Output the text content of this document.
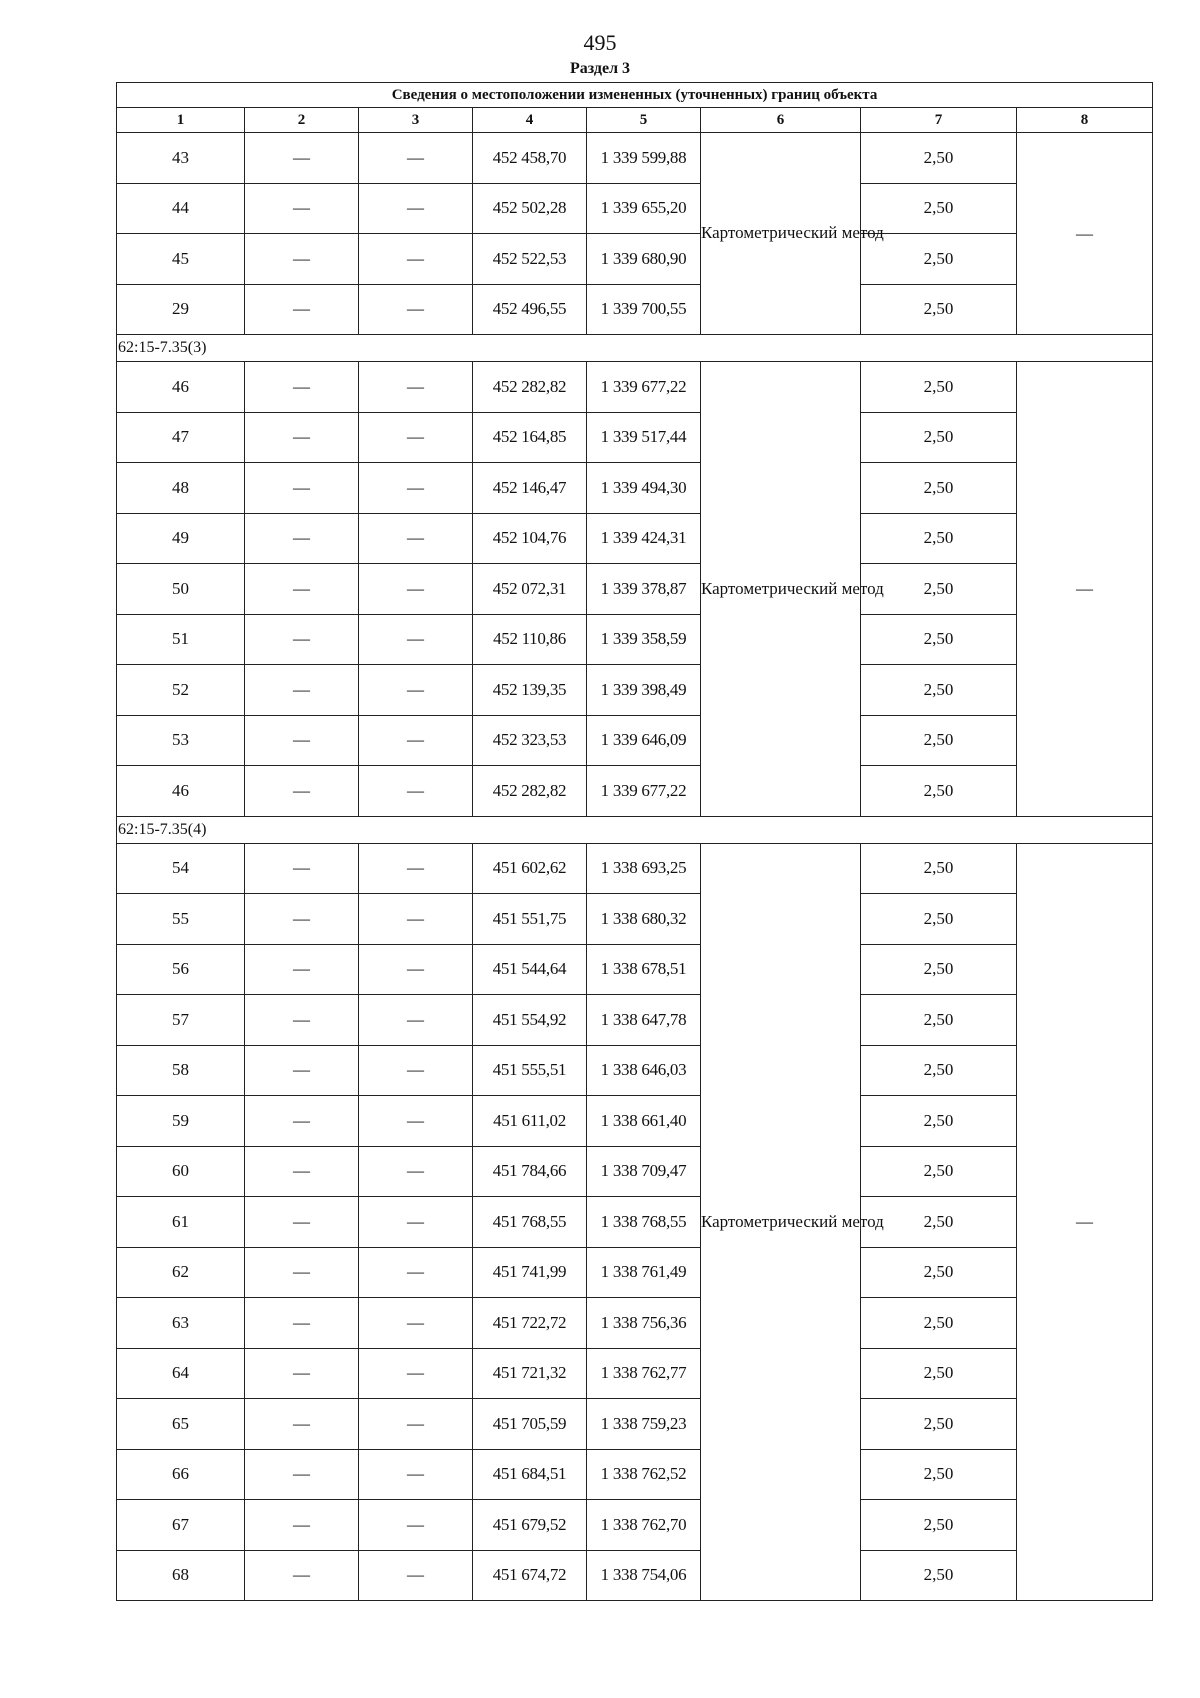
495
Раздел 3
Сведения о местоположении измененных (уточненных) границ объекта							
1	2	3	4	5	6	7	8
43	—	—	452 458,70	1 339 599,88	Картометрический метод	2,50	—
44	—	—	452 502,28	1 339 655,20		2,50	
45	—	—	452 522,53	1 339 680,90		2,50	
29	—	—	452 496,55	1 339 700,55		2,50	
62:15-7.35(3)							
46	—	—	452 282,82	1 339 677,22	Картометрический метод	2,50	—
47	—	—	452 164,85	1 339 517,44		2,50	
48	—	—	452 146,47	1 339 494,30		2,50	
49	—	—	452 104,76	1 339 424,31		2,50	
50	—	—	452 072,31	1 339 378,87		2,50	
51	—	—	452 110,86	1 339 358,59		2,50	
52	—	—	452 139,35	1 339 398,49		2,50	
53	—	—	452 323,53	1 339 646,09		2,50	
46	—	—	452 282,82	1 339 677,22		2,50	
62:15-7.35(4)							
54	—	—	451 602,62	1 338 693,25	Картометрический метод	2,50	—
55	—	—	451 551,75	1 338 680,32		2,50	
56	—	—	451 544,64	1 338 678,51		2,50	
57	—	—	451 554,92	1 338 647,78		2,50	
58	—	—	451 555,51	1 338 646,03		2,50	
59	—	—	451 611,02	1 338 661,40		2,50	
60	—	—	451 784,66	1 338 709,47		2,50	
61	—	—	451 768,55	1 338 768,55		2,50	
62	—	—	451 741,99	1 338 761,49		2,50	
63	—	—	451 722,72	1 338 756,36		2,50	
64	—	—	451 721,32	1 338 762,77		2,50	
65	—	—	451 705,59	1 338 759,23		2,50	
66	—	—	451 684,51	1 338 762,52		2,50	
67	—	—	451 679,52	1 338 762,70		2,50	
68	—	—	451 674,72	1 338 754,06		2,50	
